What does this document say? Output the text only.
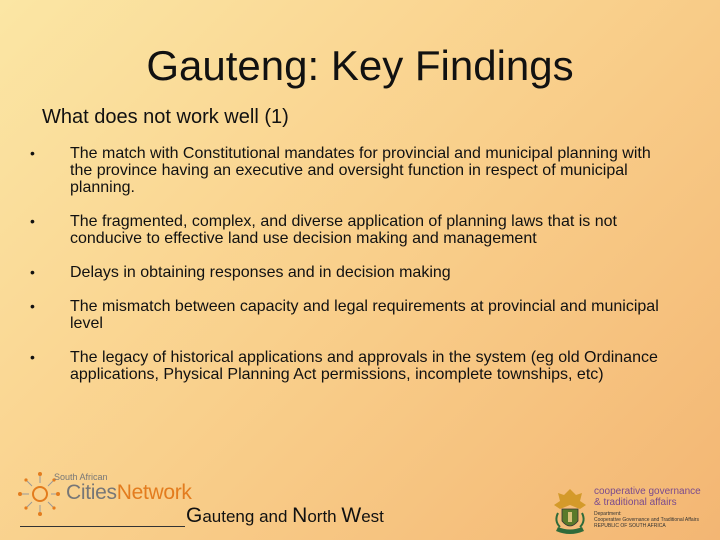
Gauteng: Key Findings
What does not work well (1)
• The match with Constitutional mandates for provincial and municipal planning with the province having an executive and oversight function in respect of municipal planning.
• The fragmented, complex, and diverse application of planning laws that is not conducive to effective land use decision making and management
• Delays in obtaining responses and in decision making
• The mismatch between capacity and legal requirements at provincial and municipal level
• The legacy of historical applications and approvals in the system (eg old Ordinance applications, Physical Planning Act permissions, incomplete townships, etc)
South African
CitiesNetwork
Gauteng and North West
cooperative governance
& traditional affairs
Department:
Cooperative Governance and Traditional Affairs
REPUBLIC OF SOUTH AFRICA
